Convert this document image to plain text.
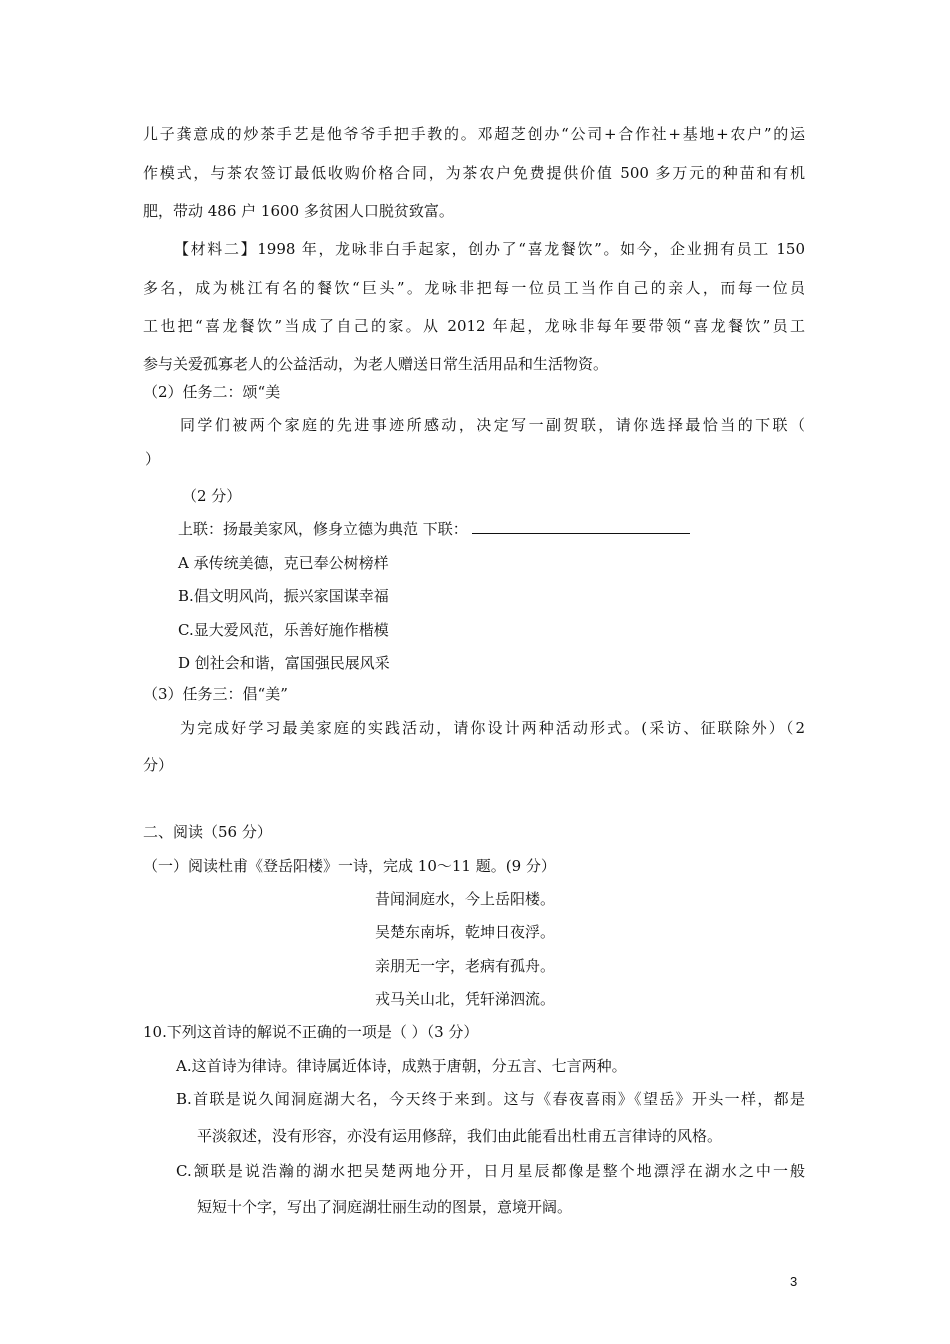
儿子龚意成的炒茶手艺是他爷爷手把手教的。邓超芝创办“公司+合作社+基地+农户”的运
作模式，与茶农签订最低收购价格合同，为茶农户免费提供价值 500 多万元的种苗和有机
肥，带动 486 户 1600 多贫困人口脱贫致富。
【材料二】1998 年，龙咏非白手起家，创办了“喜龙餐饮”。如今，企业拥有员工 150
多名，成为桃江有名的餐饮“巨头”。龙咏非把每一位员工当作自己的亲人，而每一位员
工也把“喜龙餐饮”当成了自己的家。从 2012 年起，龙咏非每年要带领“喜龙餐饮”员工
参与关爱孤寡老人的公益活动，为老人赠送日常生活用品和生活物资。
（2）任务二：颂“美
同学们被两个家庭的先进事迹所感动，决定写一副贺联，请你选择最恰当的下联（
）
（2 分）
上联：扬最美家风，修身立德为典范 下联：
A 承传统美德，克已奉公树榜样
B.倡文明风尚，振兴家国谋幸福
C.显大爱风范，乐善好施作楷模
D 创社会和谐，富国强民展风采
（3）任务三：倡“美”
为完成好学习最美家庭的实践活动，请你设计两种活动形式。(采访、征联除外）（2
分）
二、阅读（56 分）
（一）阅读杜甫《登岳阳楼》一诗，完成 10～11 题。(9 分）
昔闻洞庭水，今上岳阳楼。
吴楚东南坼，乾坤日夜浮。
亲朋无一字，老病有孤舟。
戎马关山北，凭轩涕泗流。
10.下列这首诗的解说不正确的一项是（ ）（3 分）
A.这首诗为律诗。律诗属近体诗，成熟于唐朝，分五言、七言两种。
B.首联是说久闻洞庭湖大名，今天终于来到。这与《春夜喜雨》《望岳》开头一样，都是
平淡叙述，没有形容，亦没有运用修辞，我们由此能看出杜甫五言律诗的风格。
C.颔联是说浩瀚的湖水把吴楚两地分开，日月星辰都像是整个地漂浮在湖水之中一般
短短十个字，写出了洞庭湖壮丽生动的图景，意境开阔。
3
